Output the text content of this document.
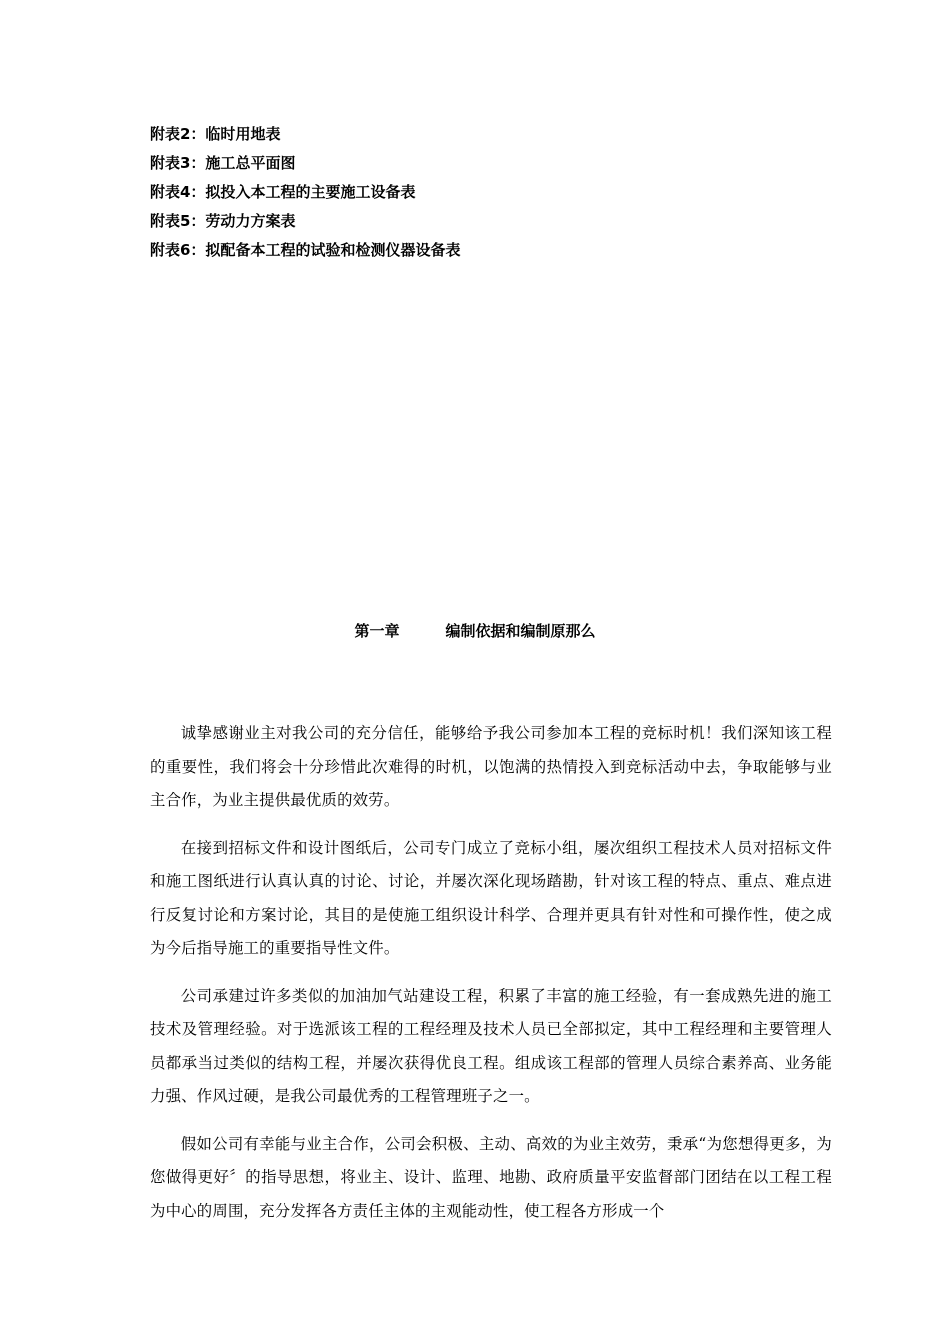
附表2：临时用地表
附表3：施工总平面图
附表4：拟投入本工程的主要施工设备表
附表5：劳动力方案表
附表6：拟配备本工程的试验和检测仪器设备表
第一章	编制依据和编制原那么

诚挚感谢业主对我公司的充分信任，能够给予我公司参加本工程的竞标时机！我们深知该工程的重要性，我们将会十分珍惜此次难得的时机，以饱满的热情投入到竞标活动中去，争取能够与业主合作，为业主提供最优质的效劳。

在接到招标文件和设计图纸后，公司专门成立了竞标小组，屡次组织工程技术人员对招标文件和施工图纸进行认真认真的讨论、讨论，并屡次深化现场踏勘，针对该工程的特点、重点、难点进行反复讨论和方案讨论，其目的是使施工组织设计科学、合理并更具有针对性和可操作性，使之成为今后指导施工的重要指导性文件。

公司承建过许多类似的加油加气站建设工程，积累了丰富的施工经验，有一套成熟先进的施工技术及管理经验。对于选派该工程的工程经理及技术人员已全部拟定，其中工程经理和主要管理人员都承当过类似的结构工程，并屡次获得优良工程。组成该工程部的管理人员综合素养高、业务能力强、作风过硬，是我公司最优秀的工程管理班子之一。

假如公司有幸能与业主合作，公司会积极、主动、高效的为业主效劳，秉承“为您想得更多，为您做得更好〞的指导思想，将业主、设计、监理、地勘、政府质量平安监督部门团结在以工程工程为中心的周围，充分发挥各方责任主体的主观能动性，使工程各方形成一个
